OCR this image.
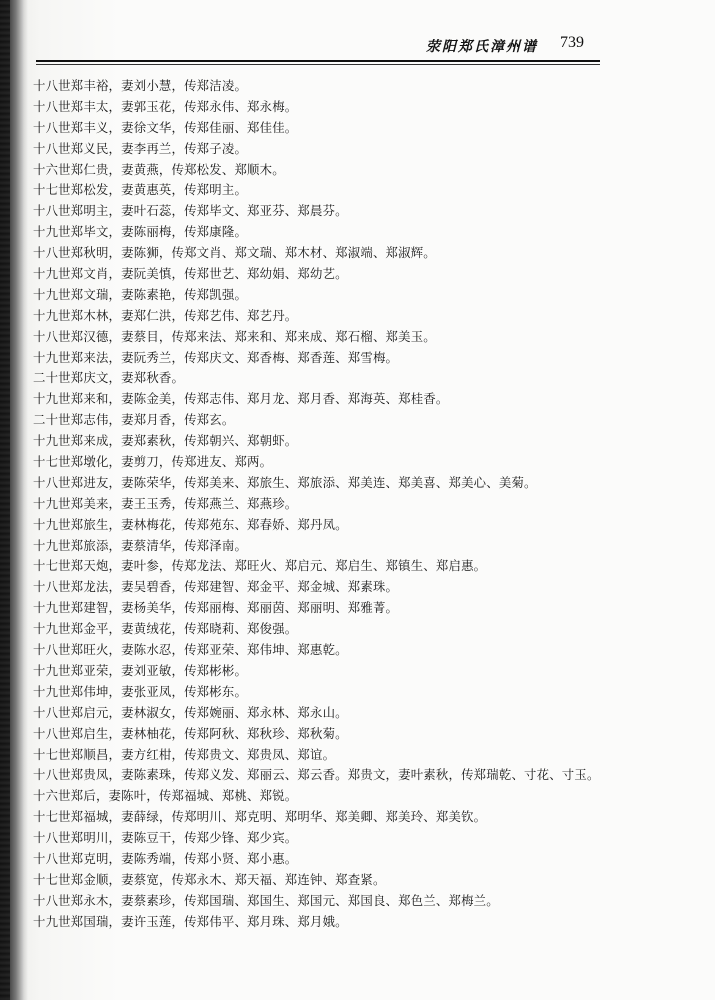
荥阳郑氏漳州谱 739
十八世郑丰裕，妻刘小慧，传郑洁凌。
十八世郑丰太，妻郭玉花，传郑永伟、郑永梅。
十八世郑丰义，妻徐文华，传郑佳丽、郑佳佳。
十八世郑义民，妻李再兰，传郑子凌。
十六世郑仁贵，妻黄燕，传郑松发、郑顺木。
十七世郑松发，妻黄惠英，传郑明主。
十八世郑明主，妻叶石蕊，传郑毕文、郑亚芬、郑晨芬。
十九世郑毕文，妻陈丽梅，传郑康隆。
十八世郑秋明，妻陈狮，传郑文肖、郑文瑞、郑木材、郑淑端、郑淑辉。
十九世郑文肖，妻阮美慎，传郑世艺、郑幼娟、郑幼艺。
十九世郑文瑞，妻陈素艳，传郑凯强。
十九世郑木林，妻郑仁洪，传郑艺伟、郑艺丹。
十八世郑汉德，妻蔡目，传郑来法、郑来和、郑来成、郑石榴、郑美玉。
十九世郑来法，妻阮秀兰，传郑庆文、郑香梅、郑香莲、郑雪梅。
二十世郑庆文，妻郑秋香。
十九世郑来和，妻陈金美，传郑志伟、郑月龙、郑月香、郑海英、郑桂香。
二十世郑志伟，妻郑月香，传郑玄。
十九世郑来成，妻郑素秋，传郑朝兴、郑朝虾。
十七世郑墩化，妻剪刀，传郑进友、郑两。
十八世郑进友，妻陈荣华，传郑美来、郑旅生、郑旅添、郑美连、郑美喜、郑美心、美菊。
十九世郑美来，妻王玉秀，传郑燕兰、郑燕珍。
十九世郑旅生，妻林梅花，传郑苑东、郑春娇、郑丹凤。
十九世郑旅添，妻蔡清华，传郑泽南。
十七世郑天炮，妻叶参，传郑龙法、郑旺火、郑启元、郑启生、郑镇生、郑启惠。
十八世郑龙法，妻吴碧香，传郑建智、郑金平、郑金城、郑素珠。
十九世郑建智，妻杨美华，传郑丽梅、郑丽茵、郑丽明、郑雅菁。
十九世郑金平，妻黄绒花，传郑晓莉、郑俊强。
十八世郑旺火，妻陈水忍，传郑亚荣、郑伟坤、郑惠乾。
十九世郑亚荣，妻刘亚敏，传郑彬彬。
十九世郑伟坤，妻张亚凤，传郑彬东。
十八世郑启元，妻林淑女，传郑婉丽、郑永林、郑永山。
十八世郑启生，妻林柚花，传郑阿秋、郑秋珍、郑秋菊。
十七世郑顺昌，妻方红柑，传郑贵文、郑贵凤、郑谊。
十八世郑贵凤，妻陈素珠，传郑义发、郑丽云、郑云香。郑贵文，妻叶素秋，传郑瑞乾、寸花、寸玉。
十六世郑后，妻陈叶，传郑福城、郑桃、郑锐。
十七世郑福城，妻薛绿，传郑明川、郑克明、郑明华、郑美卿、郑美玲、郑美钦。
十八世郑明川，妻陈豆干，传郑少锋、郑少宾。
十八世郑克明，妻陈秀端，传郑小贤、郑小惠。
十七世郑金顺，妻蔡宽，传郑永木、郑天福、郑连钟、郑查紧。
十八世郑永木，妻蔡素珍，传郑国瑞、郑国生、郑国元、郑国良、郑色兰、郑梅兰。
十九世郑国瑞，妻许玉莲，传郑伟平、郑月珠、郑月娥。
